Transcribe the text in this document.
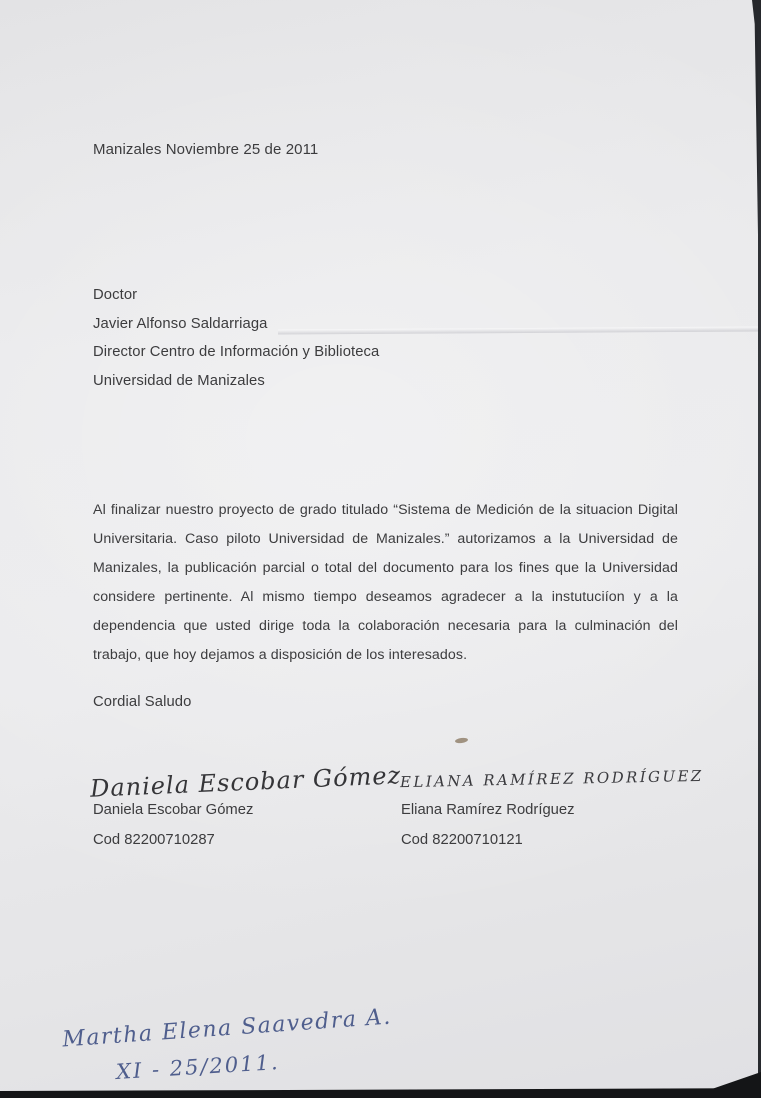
Manizales Noviembre 25 de 2011
Doctor
Javier Alfonso Saldarriaga
Director Centro de Información y Biblioteca
Universidad de Manizales
Al finalizar nuestro proyecto de grado titulado “Sistema de Medición de la situacion Digital Universitaria. Caso piloto Universidad de Manizales.” autorizamos a la Universidad de Manizales, la publicación parcial o total del documento para los fines que la Universidad considere pertinente. Al mismo tiempo deseamos agradecer a la instutuciíon y a la dependencia que usted dirige toda la colaboración necesaria para la culminación del trabajo, que hoy dejamos a disposición de los interesados.
Cordial Saludo
Daniela Escobar Gómez
Daniela Escobar Gómez
Cod 82200710287
ELIANA RAMÍREZ RODRÍGUEZ
Eliana Ramírez Rodríguez
Cod 82200710121
Martha Elena Saavedra A.
XI - 25/2011.
